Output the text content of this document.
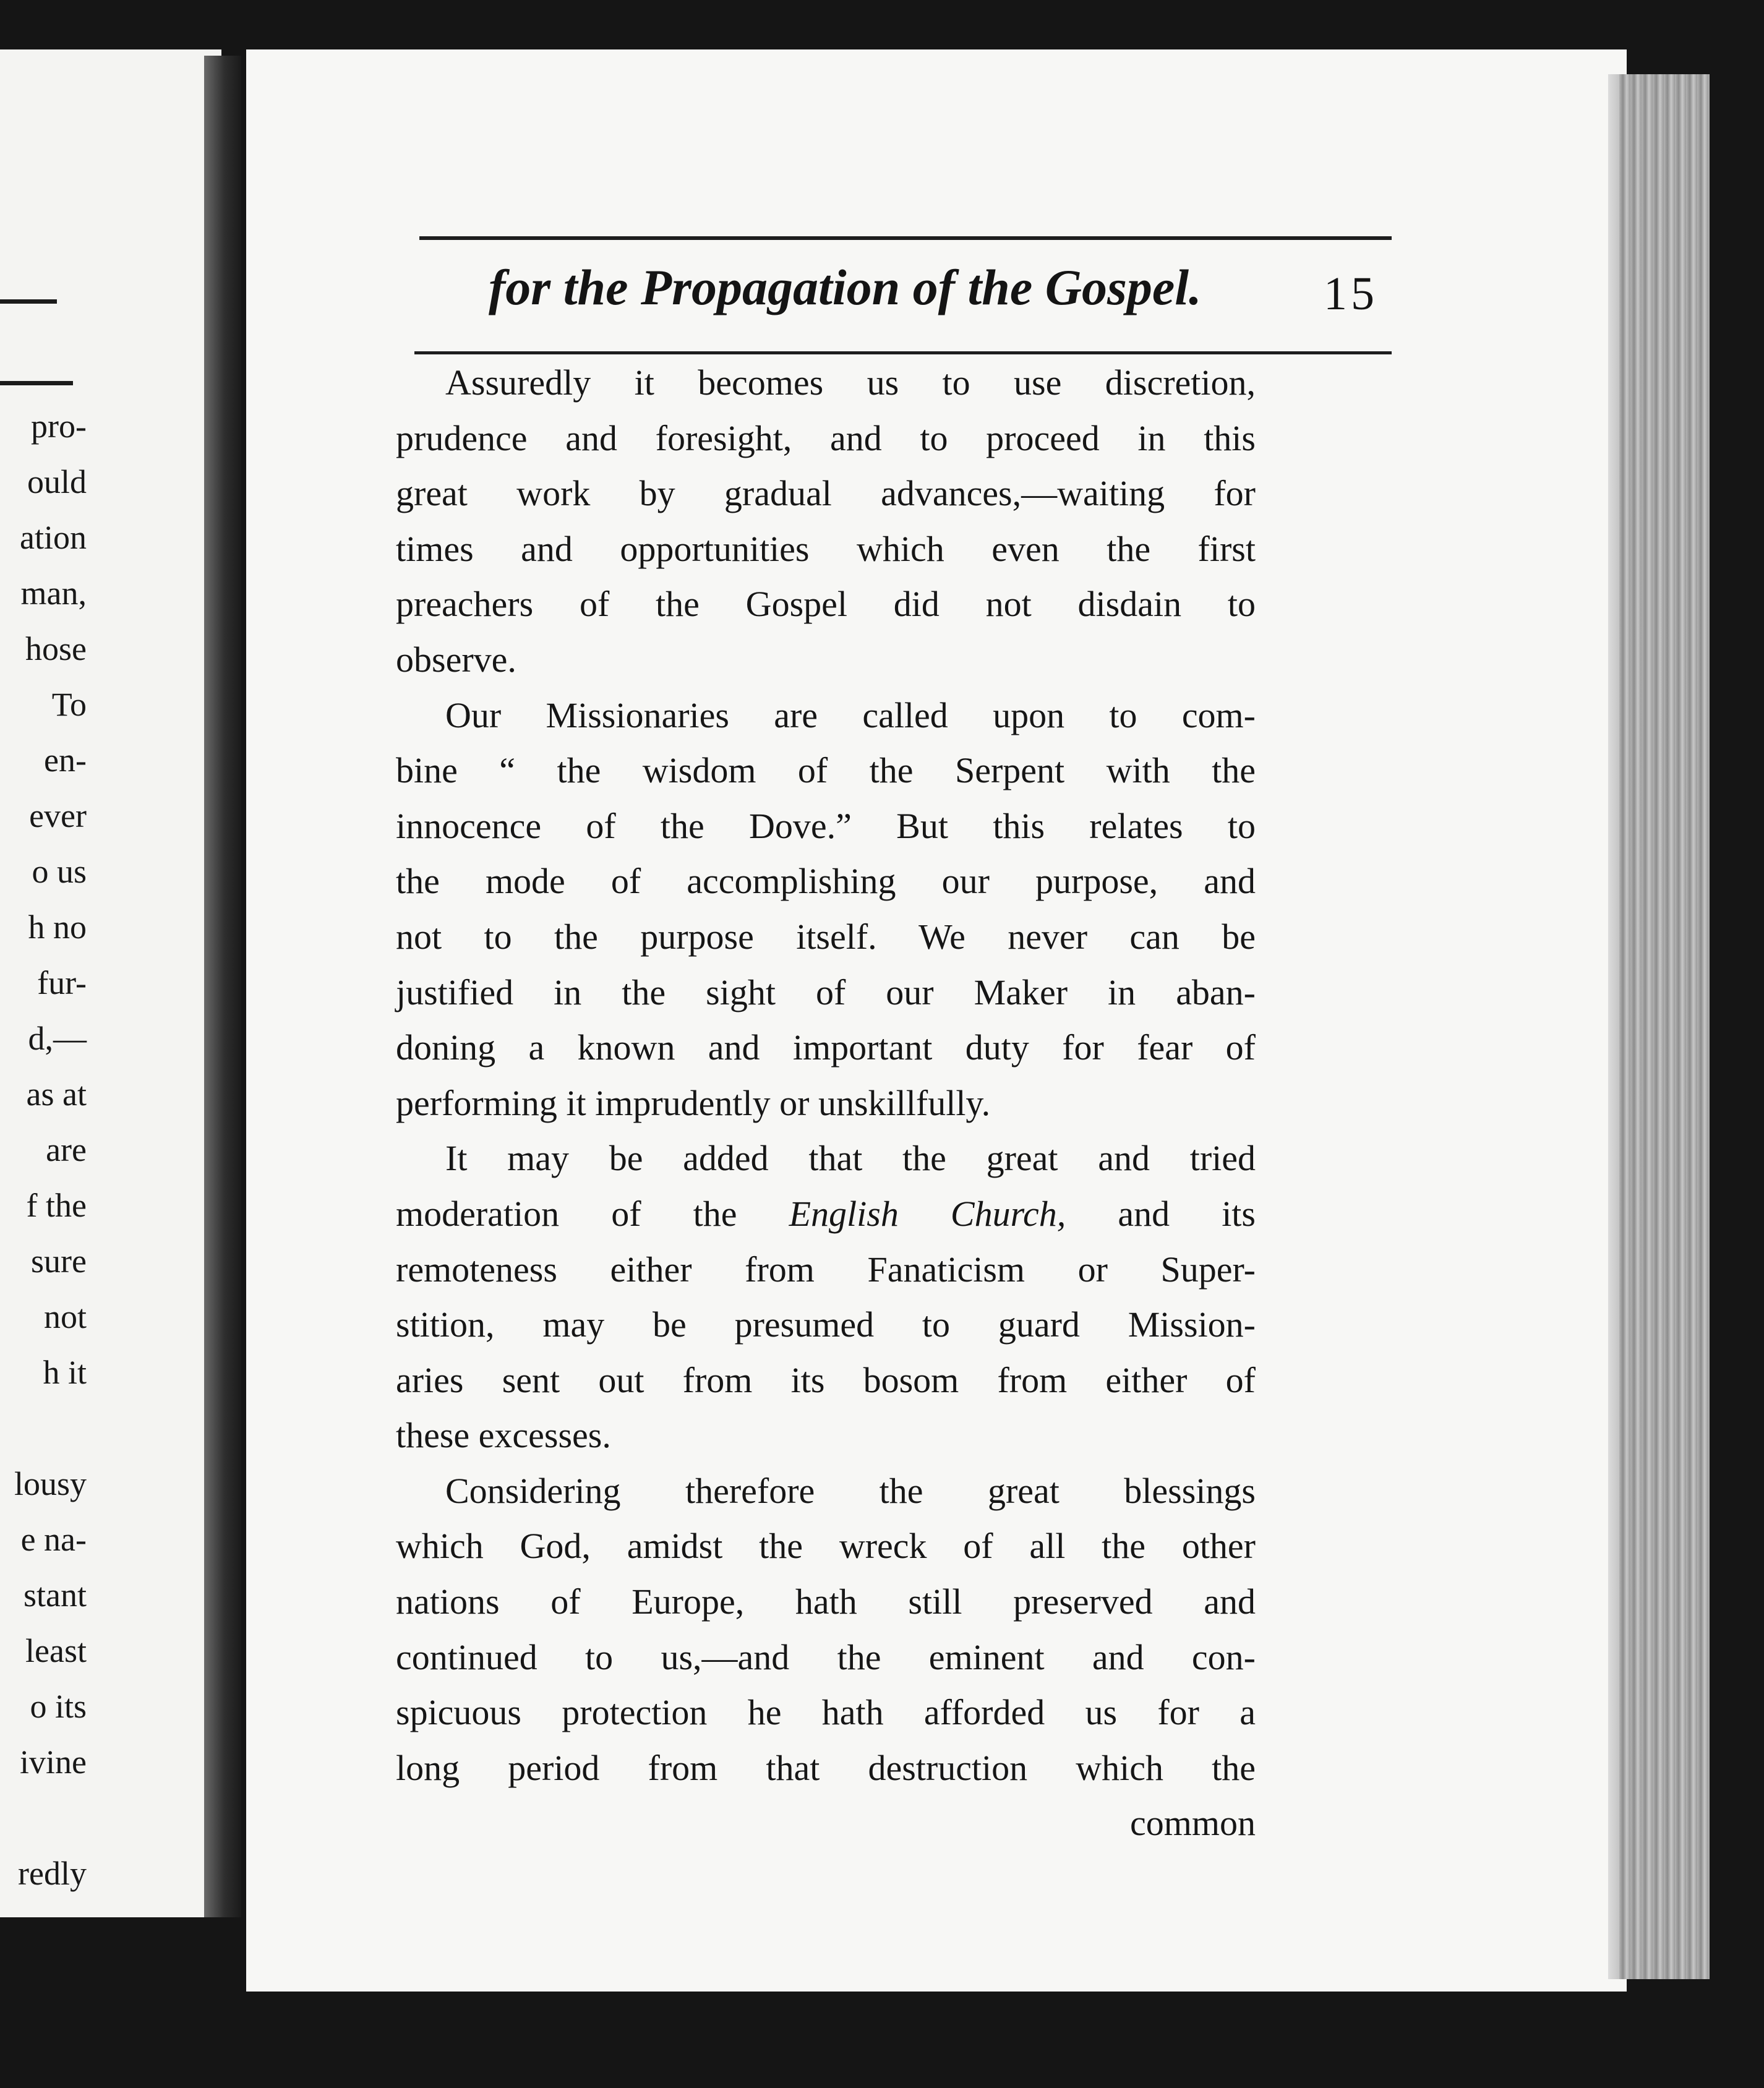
pro-
ould
ation
man,
hose
To
en-
ever
o us
h no
fur-
d,—
as at
are
f the
sure
not
h it
lousy
e na-
stant
least
o its
ivine
redly
for the Propagation of the Gospel.	15

Assuredly it becomes us to use discretion,
prudence and foresight, and to proceed in this
great work by gradual advances,—waiting for
times and opportunities which even the first
preachers of the Gospel did not disdain to
observe.

Our Missionaries are called upon to com-
bine “ the wisdom of the Serpent with the
innocence of the Dove.” But this relates to
the mode of accomplishing our purpose, and
not to the purpose itself. We never can be
justified in the sight of our Maker in aban-
doning a known and important duty for fear of
performing it imprudently or unskillfully.

It may be added that the great and tried
moderation of the English Church, and its
remoteness either from Fanaticism or Super-
stition, may be presumed to guard Mission-
aries sent out from its bosom from either of
these excesses.

Considering therefore the great blessings
which God, amidst the wreck of all the other
nations of Europe, hath still preserved and
continued to us,—and the eminent and con-
spicuous protection he hath afforded us for a
long period from that destruction which the

common
